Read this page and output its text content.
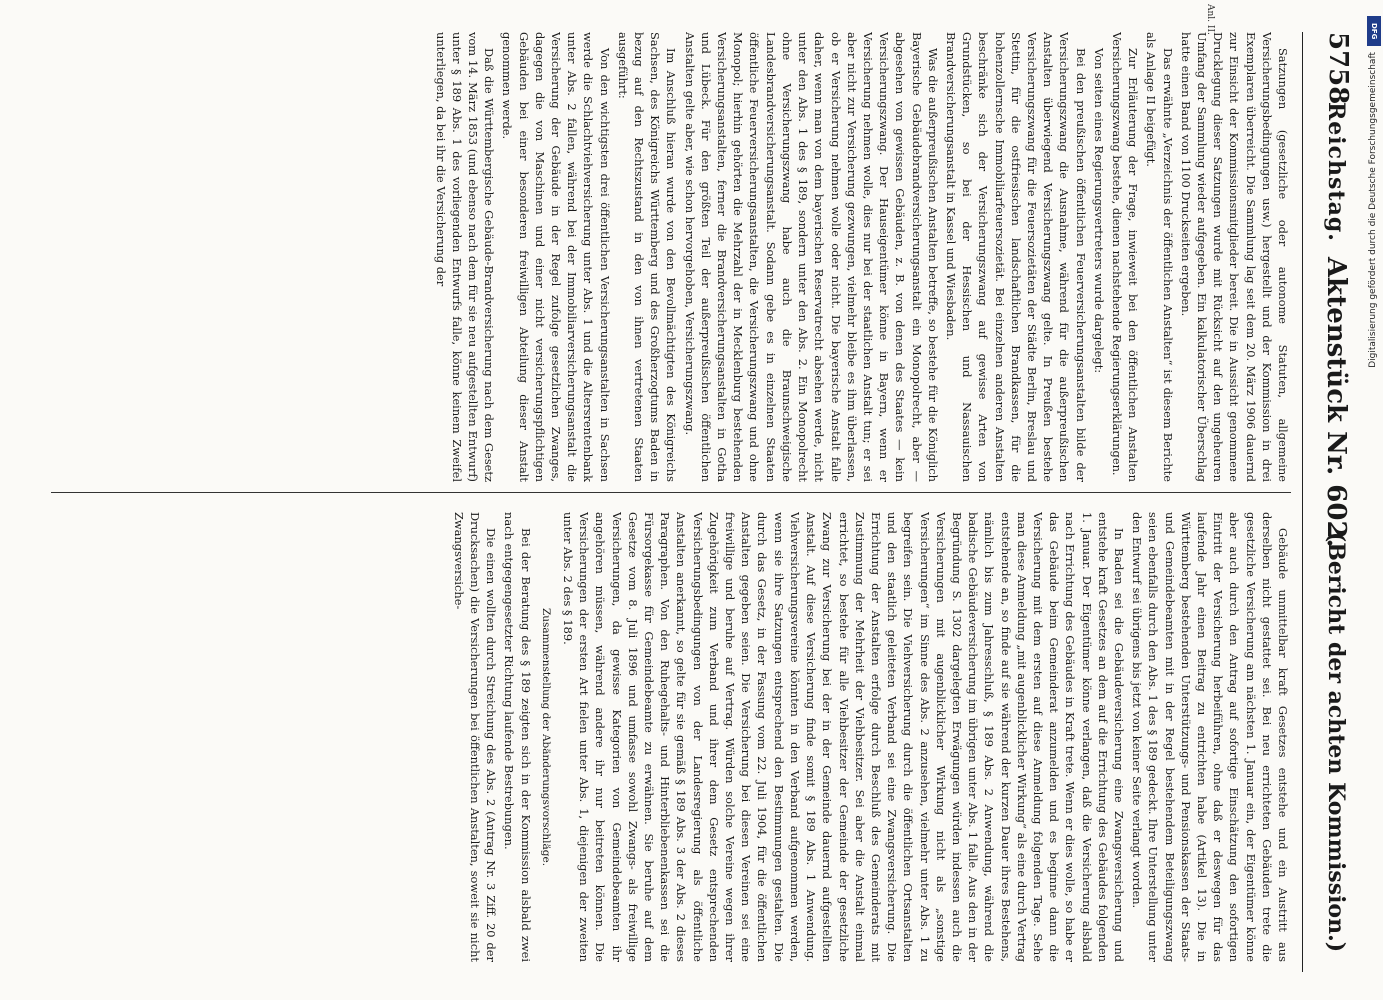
5758
Aktenstück Nr. 602.
Reichstag.
(Bericht der achten Kommission.)
Anl. II.

Satzungen (gesetzliche oder autonome Statuten, allgemeine Versicherungsbedingungen usw.) hergestellt und der Kommission in drei Exemplaren überreicht. Die Sammlung lag seit dem 20. März 1906 dauernd zur Einsicht der Kommissionsmitglieder bereit. Die in Aussicht genommene Drucklegung dieser Satzungen wurde mit Rücksicht auf den ungeheuren Umfang der Sammlung wieder aufgegeben. Ein kalkulatorischer Überschlag hatte einen Band von 1100 Druckseiten ergeben.

Das erwähnte „Verzeichnis der öffentlichen Anstalten“ ist diesem Berichte als Anlage II beigefügt.

Zur Erläuterung der Frage, inwieweit bei den öffentlichen Anstalten Versicherungszwang bestehe, dienen nachstehende Regierungserklärungen.

Von seiten eines Regierungsvertreters wurde dargelegt:

Bei den preußischen öffentlichen Feuerversicherungsanstalten bilde der Versicherungszwang die Ausnahme, während für die außerpreußischen Anstalten überwiegend Versicherungszwang gelte. In Preußen bestehe Versicherungszwang für die Feuersozietäten der Städte Berlin, Breslau und Stettin, für die ostfriesischen landschaftlichen Brandkassen, für die hohenzollernsche Immobiliarfeuersozietät. Bei einzelnen anderen Anstalten beschränke sich der Versicherungszwang auf gewisse Arten von Grundstücken, so bei der Hessischen und Nassauischen Brandversicherungsanstalt in Kassel und Wiesbaden.

Was die außerpreußischen Anstalten betreffe, so bestehe für die Königlich Bayerische Gebäudebrandversicherungsanstalt ein Monopolrecht, aber — abgesehen von gewissen Gebäuden, z. B. von denen des Staates — kein Versicherungszwang. Der Hauseigentümer könne in Bayern, wenn er Versicherung nehmen wolle, dies nur bei der staatlichen Anstalt tun; er sei aber nicht zur Versicherung gezwungen, vielmehr bleibe es ihm überlassen, ob er Versicherung nehmen wolle oder nicht. Die bayerische Anstalt falle daher, wenn man von dem bayerischen Reservatrecht absehen werde, nicht unter den Abs. 1 des § 189, sondern unter den Abs. 2. Ein Monopolrecht ohne Versicherungszwang habe auch die Braunschweigische Landesbrandversicherungsanstalt. Sodann gebe es in einzelnen Staaten öffentliche Feuerversicherungsanstalten, die Versicherungszwang und ohne Monopol; hierhin gehörten die Mehrzahl der in Mecklenburg bestehenden Versicherungsanstalten, ferner die Brandversicherungsanstalten in Gotha und Lübeck. Für den größten Teil der außerpreußischen öffentlichen Anstalten gelte aber, wie schon hervorgehoben, Versicherungszwang.

Im Anschluß hieran wurde von den Bevollmächtigten des Königreichs Sachsen, des Königreichs Württemberg und des Großherzogtums Baden in bezug auf den Rechtszustand in den von ihnen vertretenen Staaten ausgeführt:

Von den wichtigsten drei öffentlichen Versicherungsanstalten in Sachsen werde die Schlachtviehversicherung unter Abs. 1 und die Altersrentenbank unter Abs. 2 fallen, während bei der Immobiliarversicherungsanstalt die Versicherung der Gebäude in der Regel zufolge gesetzlichen Zwanges, dagegen die von Maschinen und einer nicht versicherungspflichtigen Gebäuden bei einer besonderen freiwilligen Abteilung dieser Anstalt genommen werde.

Daß die Württembergische Gebäude-Brandversicherung nach dem Gesetz vom 14. März 1853 (und ebenso nach dem für sie neu aufgestellten Entwurf) unter § 189 Abs. 1 des vorliegenden Entwurfs falle, könne keinem Zweifel unterliegen, da bei ihr die Versicherung der

Gebäude unmittelbar kraft Gesetzes entstehe und ein Austritt aus derselben nicht gestattet sei. Bei neu errichteten Gebäuden trete die gesetzliche Versicherung am nächsten 1. Januar ein, der Eigentümer könne aber auch durch den Antrag auf sofortige Einschätzung den sofortigen Eintritt der Versicherung herbeiführen, ohne daß er deswegen für das laufende Jahr einen Beitrag zu entrichten habe (Artikel 13). Die in Württemberg bestehenden Unterstützungs- und Pensionskassen der Staats- und Gemeindebeamten mit in der Regel bestehendem Beteiligungszwang seien ebenfalls durch den Abs. 1 des § 189 gedeckt. Ihre Unterstellung unter den Entwurf sei übrigens bis jetzt von keiner Seite verlangt worden.

In Baden sei die Gebäudeversicherung eine Zwangsversicherung und entstehe kraft Gesetzes an dem auf die Errichtung des Gebäudes folgenden 1. Januar. Der Eigentümer könne verlangen, daß die Versicherung alsbald nach Errichtung des Gebäudes in Kraft trete. Wenn er dies wolle, so habe er das Gebäude beim Gemeinderat anzumelden und es beginne dann die Versicherung mit dem ersten auf diese Anmeldung folgenden Tage. Sehe man diese Anmeldung „mit augenblicklicher Wirkung“ als eine durch Vertrag entstehende an, so finde auf sie während der kurzen Dauer ihres Bestehens, nämlich bis zum Jahresschluß, § 189 Abs. 2 Anwendung, während die badische Gebäudeversicherung im übrigen unter Abs. 1 falle. Aus den in der Begründung S. 1302 dargelegten Erwägungen würden indessen auch die Versicherungen mit augenblicklicher Wirkung nicht als „sonstige Versicherungen“ im Sinne des Abs. 2 anzusehen, vielmehr unter Abs. 1 zu begreifen sein. Die Viehversicherung durch die öffentlichen Ortsanstalten und den staatlich geleiteten Verband sei eine Zwangsversicherung. Die Errichtung der Anstalten erfolge durch Beschluß des Gemeinderats mit Zustimmung der Mehrheit der Viehbesitzer. Sei aber die Anstalt einmal errichtet, so bestehe für alle Viehbesitzer der Gemeinde der gesetzliche Zwang zur Versicherung bei der in der Gemeinde dauernd aufgestellten Anstalt. Auf diese Versicherung finde somit § 189 Abs. 1 Anwendung. Viehversicherungsvereine könnten in den Verband aufgenommen werden, wenn sie ihre Satzungen entsprechend den Bestimmungen gestalten. Die durch das Gesetz, in der Fassung vom 22. Juli 1904, für die öffentlichen Anstalten gegeben seien. Die Versicherung bei diesen Vereinen sei eine freiwillige und beruhe auf Vertrag. Würden solche Vereine wegen ihrer Zugehörigkeit zum Verband und ihrer dem Gesetz entsprechenden Versicherungsbedingungen von der Landesregierung als öffentliche Anstalten anerkannt, so gelte für sie gemäß § 189 Abs. 3 der Abs. 2 dieses Paragraphen. Von den Ruhegehalts- und Hinterbliebenenkassen sei die Fürsorgekasse für Gemeindebeamte zu erwähnen. Sie beruhe auf dem Gesetze vom 8. Juli 1896 und umfasse sowohl Zwangs- als freiwillige Versicherungen, da gewisse Kategorien von Gemeindebeamten ihr angehören müssen, während andere ihr nur beitreten können. Die Versicherungen der ersten Art fielen unter Abs. 1, diejenigen der zweiten unter Abs. 2 des § 189.

Zusammenstellung der Abänderungsvorschläge.

Bei der Beratung des § 189 zeigten sich in der Kommission alsbald zwei nach entgegengesetzter Richtung laufende Bestrebungen.

Die einen wollten durch Streichung des Abs. 2 (Antrag Nr. 3 Ziff. 20 der Drucksachen) die Versicherungen bei öffentlichen Anstalten, soweit sie nicht Zwangsversiche-

DFG
Digitalisierung gefördert durch die Deutsche Forschungsgemeinschaft
